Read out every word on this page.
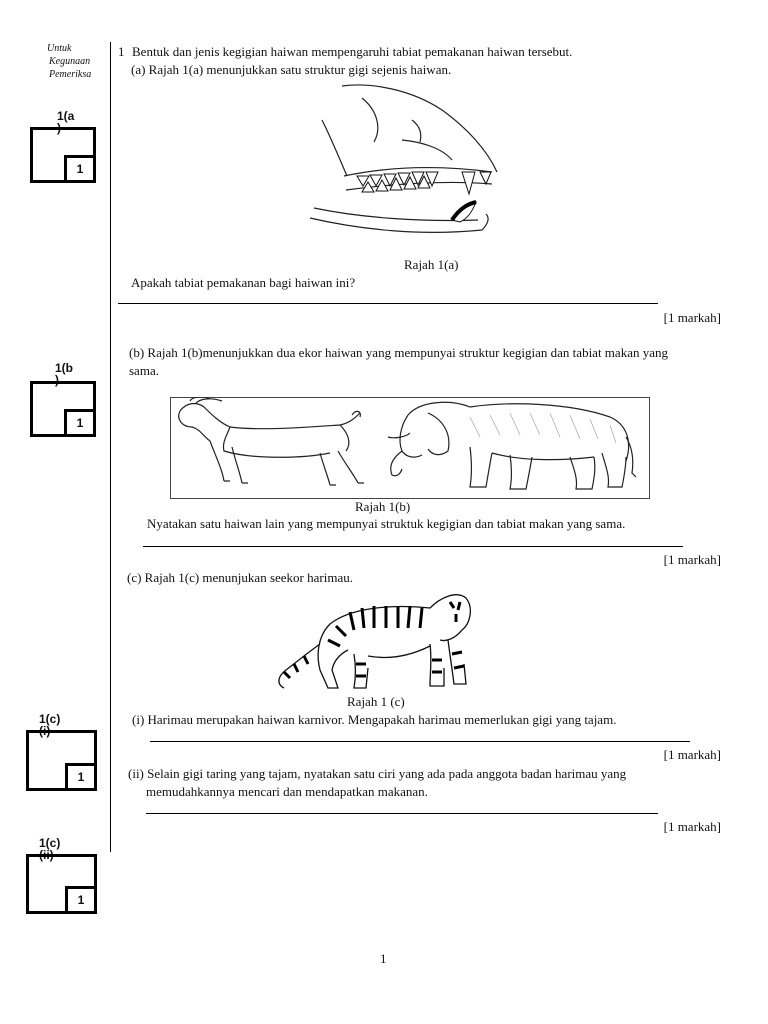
Untuk
Kegunaan
Pemeriksa
1(a
)
1
1(b
)
1
1(c)
(i)
1
1(c)
(ii)
1
1 Bentuk dan jenis kegigian haiwan mempengaruhi tabiat pemakanan haiwan tersebut.
(a) Rajah 1(a) menunjukkan satu struktur gigi sejenis haiwan.
Rajah 1(a)
Apakah tabiat pemakanan bagi haiwan ini?
[1 markah]
(b) Rajah 1(b)menunjukkan dua ekor haiwan yang mempunyai struktur kegigian dan tabiat makan yang
sama.
Rajah 1(b)
Nyatakan satu haiwan lain yang mempunyai struktuk kegigian dan tabiat makan yang sama.
[1 markah]
(c) Rajah 1(c) menunjukan seekor harimau.
Rajah 1 (c)
(i) Harimau merupakan haiwan karnivor. Mengapakah harimau memerlukan gigi yang tajam.
[1 markah]
(ii) Selain gigi taring yang tajam, nyatakan satu ciri yang ada pada anggota badan harimau yang
memudahkannya mencari dan mendapatkan makanan.
[1 markah]
1
